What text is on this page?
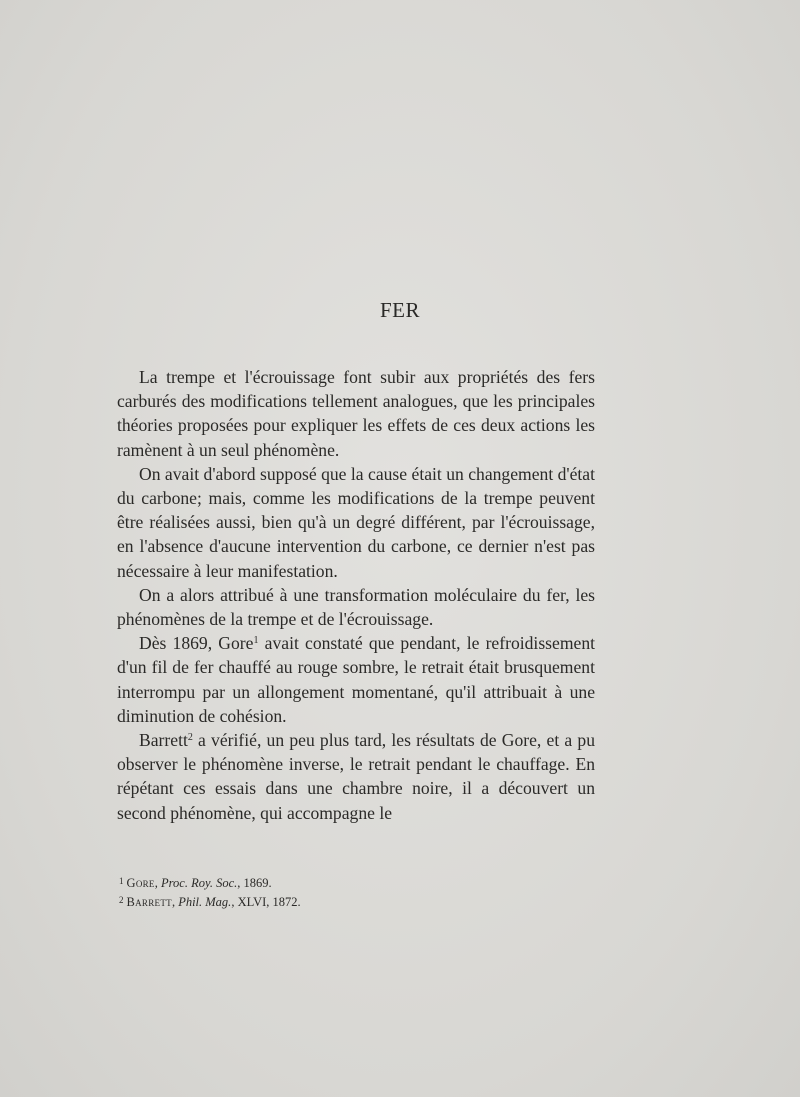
FER

La trempe et l'écrouissage font subir aux propriétés des fers carburés des modifications tellement analogues, que les principales théories proposées pour expliquer les effets de ces deux actions les ramènent à un seul phénomène.

On avait d'abord supposé que la cause était un changement d'état du carbone; mais, comme les modifications de la trempe peuvent être réalisées aussi, bien qu'à un degré différent, par l'écrouissage, en l'absence d'aucune intervention du carbone, ce dernier n'est pas nécessaire à leur manifestation.

On a alors attribué à une transformation moléculaire du fer, les phénomènes de la trempe et de l'écrouissage.

Dès 1869, Gore$^1$ avait constaté que pendant, le refroidissement d'un fil de fer chauffé au rouge sombre, le retrait était brusquement interrompu par un allongement momentané, qu'il attribuait à une diminution de cohésion.

Barrett$^2$ a vérifié, un peu plus tard, les résultats de Gore, et a pu observer le phénomène inverse, le retrait pendant le chauffage. En répétant ces essais dans une chambre noire, il a découvert un second phénomène, qui accompagne le

$^1$ Gore, Proc. Roy. Soc., 1869.
$^2$ Barrett, Phil. Mag., XLVI, 1872.
